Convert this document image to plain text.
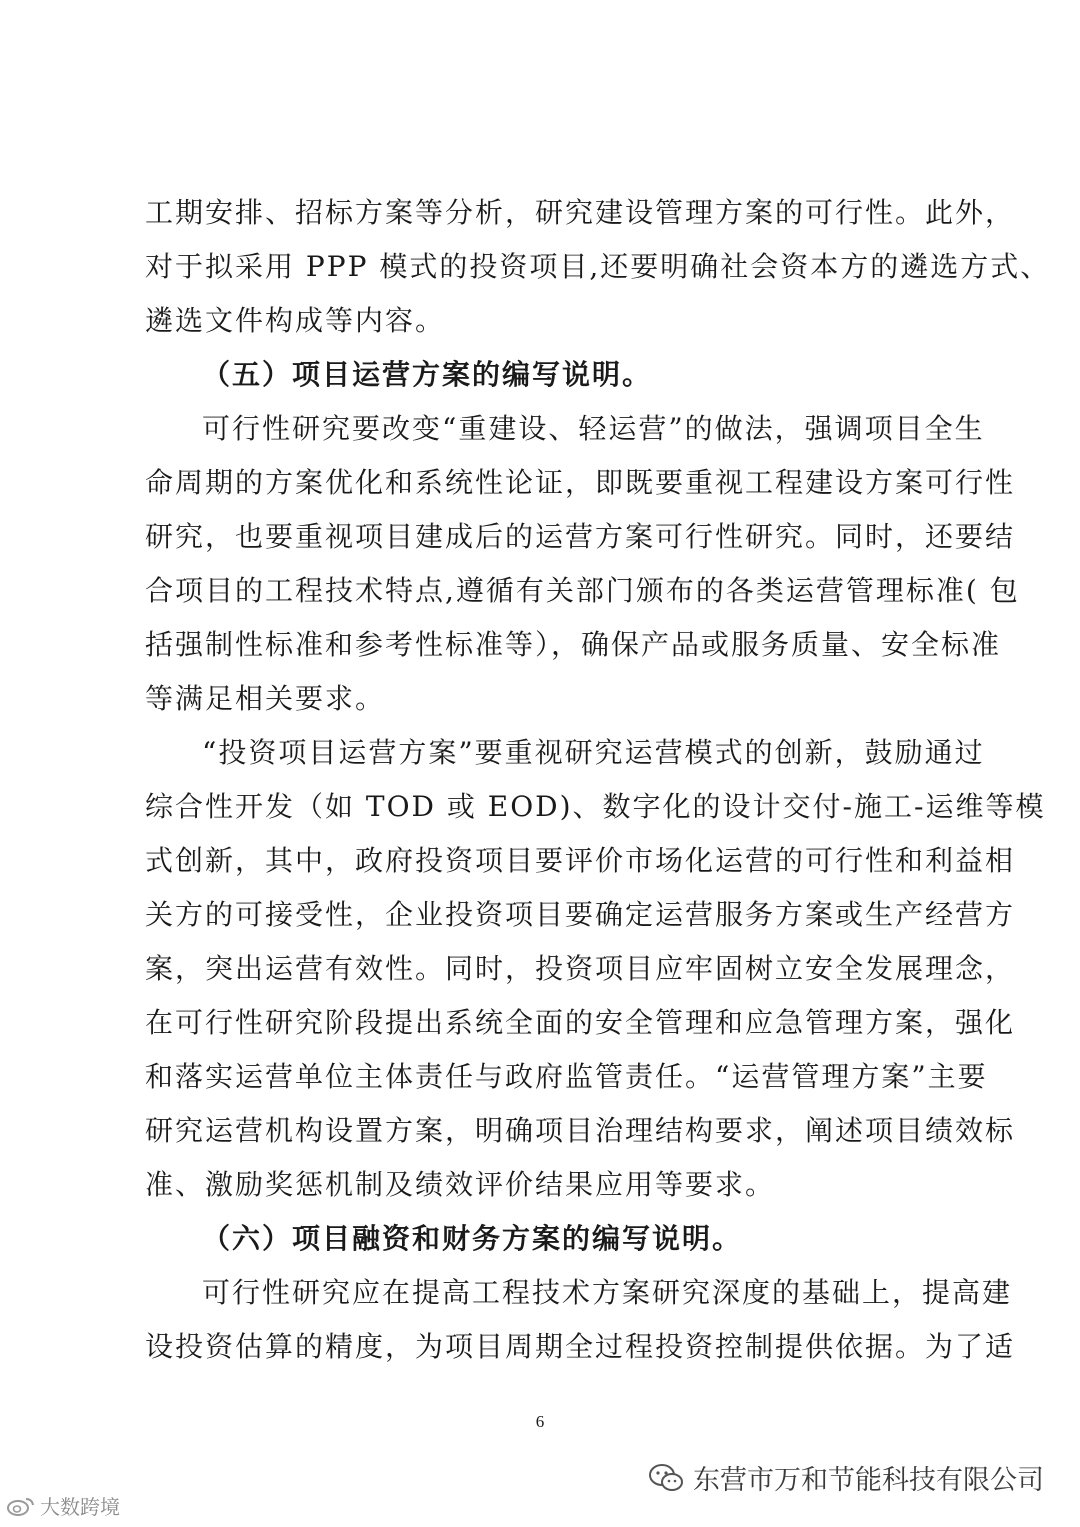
工期安排、招标方案等分析，研究建设管理方案的可行性。此外，
对于拟采用 PPP 模式的投资项目,还要明确社会资本方的遴选方式、
遴选文件构成等内容。
（五）项目运营方案的编写说明。
可行性研究要改变“重建设、轻运营”的做法，强调项目全生
命周期的方案优化和系统性论证，即既要重视工程建设方案可行性
研究，也要重视项目建成后的运营方案可行性研究。同时，还要结
合项目的工程技术特点,遵循有关部门颁布的各类运营管理标准( 包
括强制性标准和参考性标准等），确保产品或服务质量、安全标准
等满足相关要求。
“投资项目运营方案”要重视研究运营模式的创新，鼓励通过
综合性开发（如 TOD 或 EOD)、数字化的设计交付-施工-运维等模
式创新，其中，政府投资项目要评价市场化运营的可行性和利益相
关方的可接受性，企业投资项目要确定运营服务方案或生产经营方
案，突出运营有效性。同时，投资项目应牢固树立安全发展理念，
在可行性研究阶段提出系统全面的安全管理和应急管理方案，强化
和落实运营单位主体责任与政府监管责任。“运营管理方案”主要
研究运营机构设置方案，明确项目治理结构要求，阐述项目绩效标
准、激励奖惩机制及绩效评价结果应用等要求。
（六）项目融资和财务方案的编写说明。
可行性研究应在提高工程技术方案研究深度的基础上，提高建
设投资估算的精度，为项目周期全过程投资控制提供依据。为了适
6
大数跨境
东营市万和节能科技有限公司
